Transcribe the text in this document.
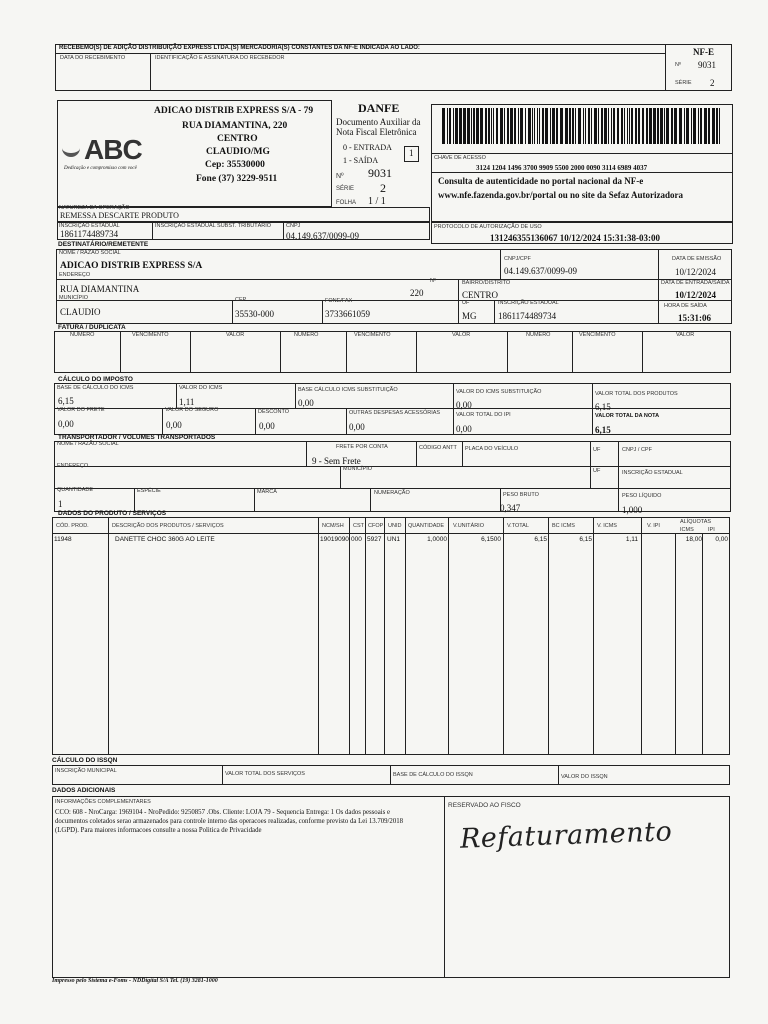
RECEBEMO(S) DE ADIÇÃO DISTRIBUIÇÃO EXPRESS LTDA.(S) MERCADORIA(S) CONSTANTES DA NF-E INDICADA AO LADO:
DATA DO RECEBIMENTO	IDENTIFICAÇÃO E ASSINATURA DO RECEBEDOR
NF-E
Nº 9031
SÉRIE 2
ADICAO DISTRIB EXPRESS S/A - 79
RUA DIAMANTINA, 220
CENTRO
CLAUDIO/MG
Cep: 35530000
Fone (37) 3229-9511
ABC
Dedicação e compromisso com você
DANFE
Documento Auxiliar da
Nota Fiscal Eletrônica
0 - ENTRADA
1 - SAÍDA
1
Nº 9031
SÉRIE 2
FOLHA 1 / 1
CHAVE DE ACESSO
3124 1204 1496 3700 9909 5500 2000 0090 3114 6989 4037
Consulta de autenticidade no portal nacional da NF-e
www.nfe.fazenda.gov.br/portal ou no site da Sefaz Autorizadora
NATUREZA DA OPERAÇÃO
REMESSA DESCARTE PRODUTO
PROTOCOLO DE AUTORIZAÇÃO DE USO
131246355136067 10/12/2024 15:31:38-03:00
INSCRIÇÃO ESTADUAL
1861174489734
INSCRIÇÃO ESTADUAL SUBST. TRIBUTÁRIO	CNPJ
04.149.637/0099-09
DESTINATÁRIO/REMETENTE
NOME / RAZÃO SOCIAL
ADICAO DISTRIB EXPRESS S/A
CNPJ/CPF
04.149.637/0099-09
DATA DE EMISSÃO
10/12/2024
ENDEREÇO
RUA DIAMANTINA
Nº
220
BAIRRO/DISTRITO
CENTRO
DATA DE ENTRADA/SAÍDA
10/12/2024
MUNICÍPIO
CLAUDIO
CEP
35530-000
FONE/FAX
3733661059
UF
MG
INSCRIÇÃO ESTADUAL
1861174489734
HORA DE SAÍDA
15:31:06
FATURA / DUPLICATA
NÚMERO	VENCIMENTO	VALOR	NÚMERO	VENCIMENTO	VALOR	NÚMERO	VENCIMENTO	VALOR
CÁLCULO DO IMPOSTO
BASE DE CÁLCULO DO ICMS
6,15
VALOR DO ICMS
1,11
BASE CÁLCULO ICMS SUBSTITUIÇÃO
0,00
VALOR DO ICMS SUBSTITUIÇÃO
0,00
VALOR TOTAL DOS PRODUTOS
6,15
VALOR DO FRETE
0,00
VALOR DO SEGURO
0,00
DESCONTO
0,00
OUTRAS DESPESAS ACESSÓRIAS
0,00
VALOR TOTAL DO IPI
0,00
VALOR TOTAL DA NOTA
6,15
TRANSPORTADOR / VOLUMES TRANSPORTADOS
NOME / RAZÃO SOCIAL	FRETE POR CONTA
9 - Sem Frete
CÓDIGO ANTT PLACA DO VEÍCULO	UF	CNPJ / CPF
ENDEREÇO	MUNICÍPIO	UF	INSCRIÇÃO ESTADUAL
QUANTIDADE
1
ESPÉCIE	MARCA	NUMERAÇÃO	PESO BRUTO
0,347
PESO LÍQUIDO
1,000
DADOS DO PRODUTO / SERVIÇOS
CÓD. PROD.	DESCRIÇÃO DOS PRODUTOS / SERVIÇOS	NCM/SH CST CFOP UNID QUANTIDADE V.UNITÁRIO	V.TOTAL	BC ICMS	V. ICMS	V. IPI
ALÍQUOTAS
ICMS	IPI
11948	DANETTE CHOC 360G AO LEITE	19019090 000 5927 UN1	1,0000	6,1500	6,15	6,15	1,11	18,00	0,00
CÁLCULO DO ISSQN
INSCRIÇÃO MUNICIPAL	VALOR TOTAL DOS SERVIÇOS	BASE DE CÁLCULO DO ISSQN	VALOR DO ISSQN
DADOS ADICIONAIS
INFORMAÇÕES COMPLEMENTARES
CCO: 608 - NroCarga: 1969104 - NroPedido: 9250857 .Obs. Cliente: LOJA 79 - Sequencia Entrega: 1 Os dados pessoais e
documentos coletados serao armazenados para controle interno das operacoes realizadas, conforme previsto da Lei 13.709/2018
(LGPD). Para maiores informacoes consulte a nossa Politica de Privacidade
RESERVADO AO FISCO
Refaturamento
Impresso pelo Sistema e-Foms - NDDigital S/A Tel. (19) 3281-1000
